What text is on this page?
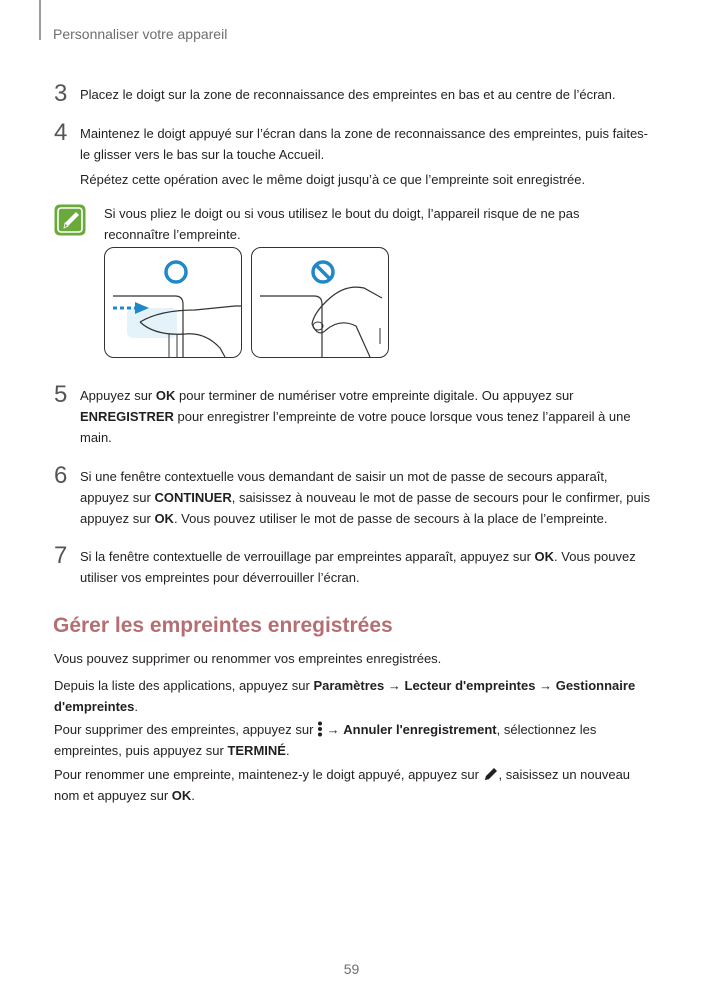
Personnaliser votre appareil
3 Placez le doigt sur la zone de reconnaissance des empreintes en bas et au centre de l’écran.

4 Maintenez le doigt appuyé sur l’écran dans la zone de reconnaissance des empreintes, puis faites-le glisser vers le bas sur la touche Accueil.

Répétez cette opération avec le même doigt jusqu’à ce que l’empreinte soit enregistrée.

Si vous pliez le doigt ou si vous utilisez le bout du doigt, l’appareil risque de ne pas reconnaître l’empreinte.

5 Appuyez sur OK pour terminer de numériser votre empreinte digitale. Ou appuyez sur ENREGISTRER pour enregistrer l’empreinte de votre pouce lorsque vous tenez l’appareil à une main.

6 Si une fenêtre contextuelle vous demandant de saisir un mot de passe de secours apparaît, appuyez sur CONTINUER, saisissez à nouveau le mot de passe de secours pour le confirmer, puis appuyez sur OK. Vous pouvez utiliser le mot de passe de secours à la place de l’empreinte.

7 Si la fenêtre contextuelle de verrouillage par empreintes apparaît, appuyez sur OK. Vous pouvez utiliser vos empreintes pour déverrouiller l’écran.

Gérer les empreintes enregistrées

Vous pouvez supprimer ou renommer vos empreintes enregistrées.

Depuis la liste des applications, appuyez sur Paramètres → Lecteur d'empreintes → Gestionnaire d'empreintes.

Pour supprimer des empreintes, appuyez sur  → Annuler l'enregistrement, sélectionnez les empreintes, puis appuyez sur TERMINÉ.

Pour renommer une empreinte, maintenez-y le doigt appuyé, appuyez sur , saisissez un nouveau nom et appuyez sur OK.

59
